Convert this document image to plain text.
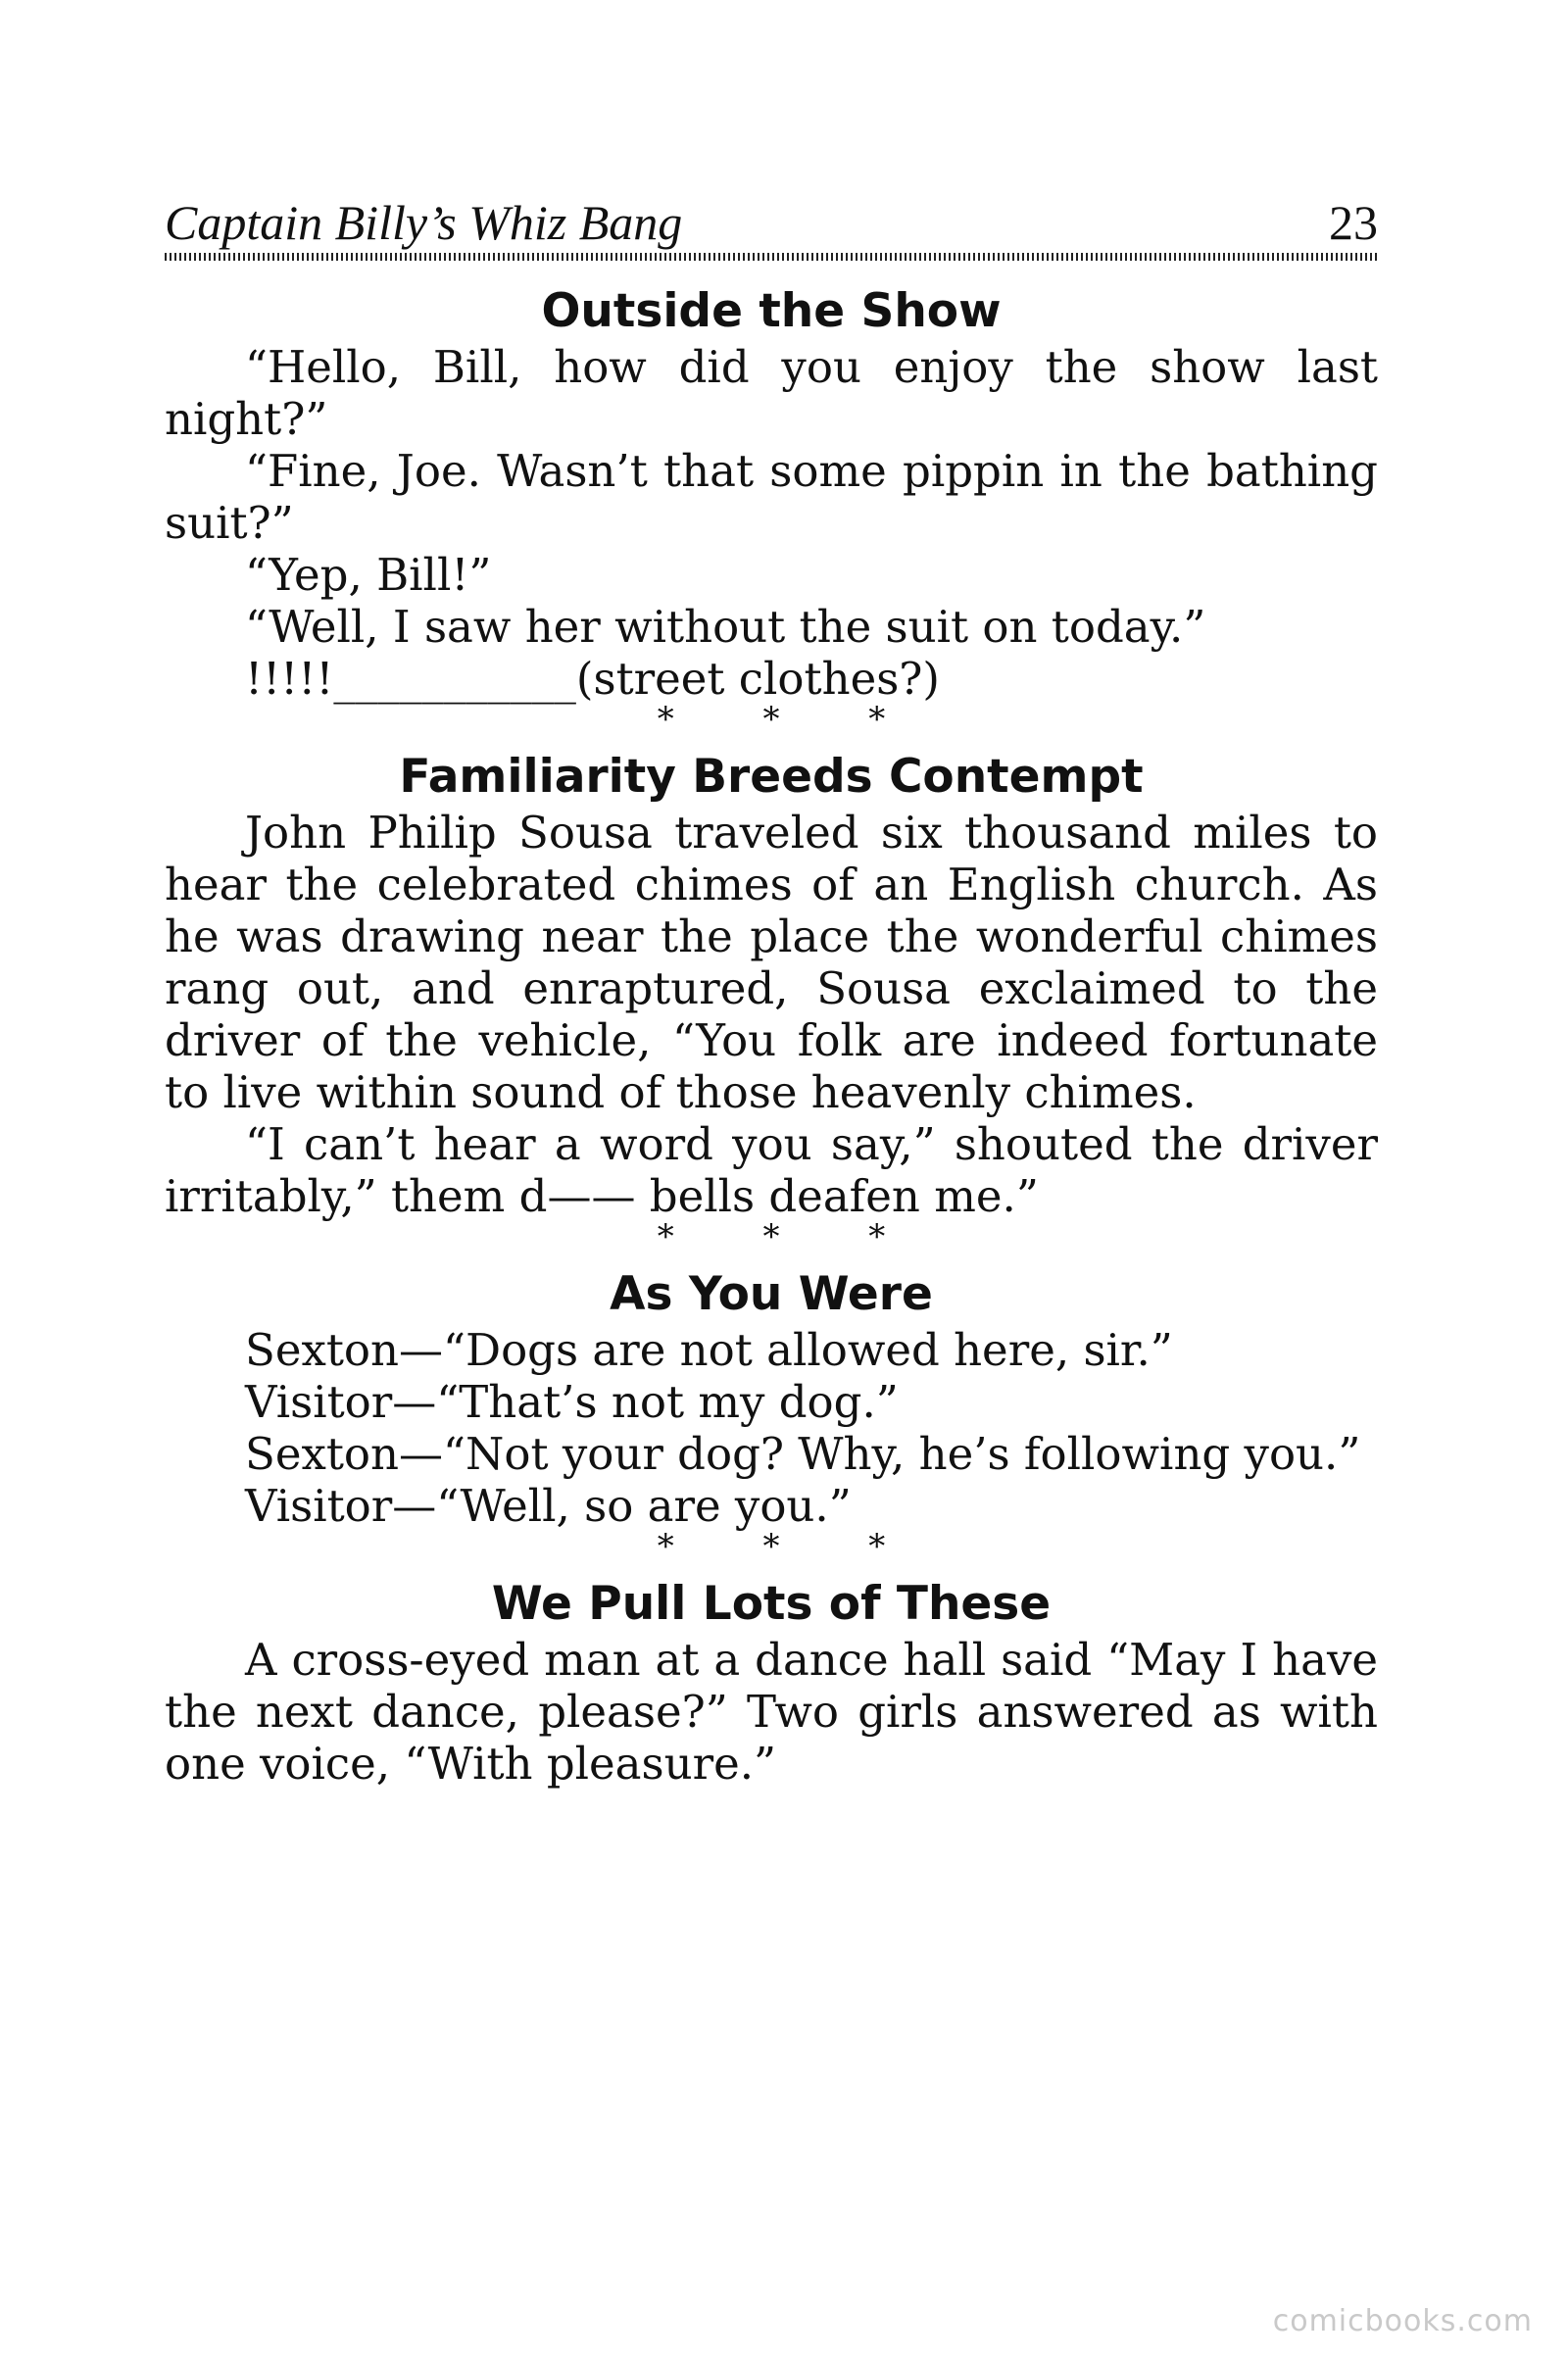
Captain Billy’s Whiz Bang	23
Outside the Show

“Hello, Bill, how did you enjoy the show last night?”

“Fine, Joe. Wasn’t that some pippin in the bathing suit?”

“Yep, Bill!”

“Well, I saw her without the suit on today.”

!!!!!___________(street clothes?)

* * *
Familiarity Breeds Contempt

John Philip Sousa traveled six thousand miles to hear the celebrated chimes of an English church. As he was drawing near the place the wonderful chimes rang out, and enraptured, Sousa exclaimed to the driver of the vehicle, “You folk are indeed fortunate to live within sound of those heavenly chimes.

“I can’t hear a word you say,” shouted the driver irritably,” them d—— bells deafen me.”

* * *
As You Were

Sexton—“Dogs are not allowed here, sir.”

Visitor—“That’s not my dog.”

Sexton—“Not your dog? Why, he’s following you.”

Visitor—“Well, so are you.”

* * *
We Pull Lots of These

A cross-eyed man at a dance hall said “May I have the next dance, please?” Two girls answered as with one voice, “With pleasure.”

comicbooks.com
